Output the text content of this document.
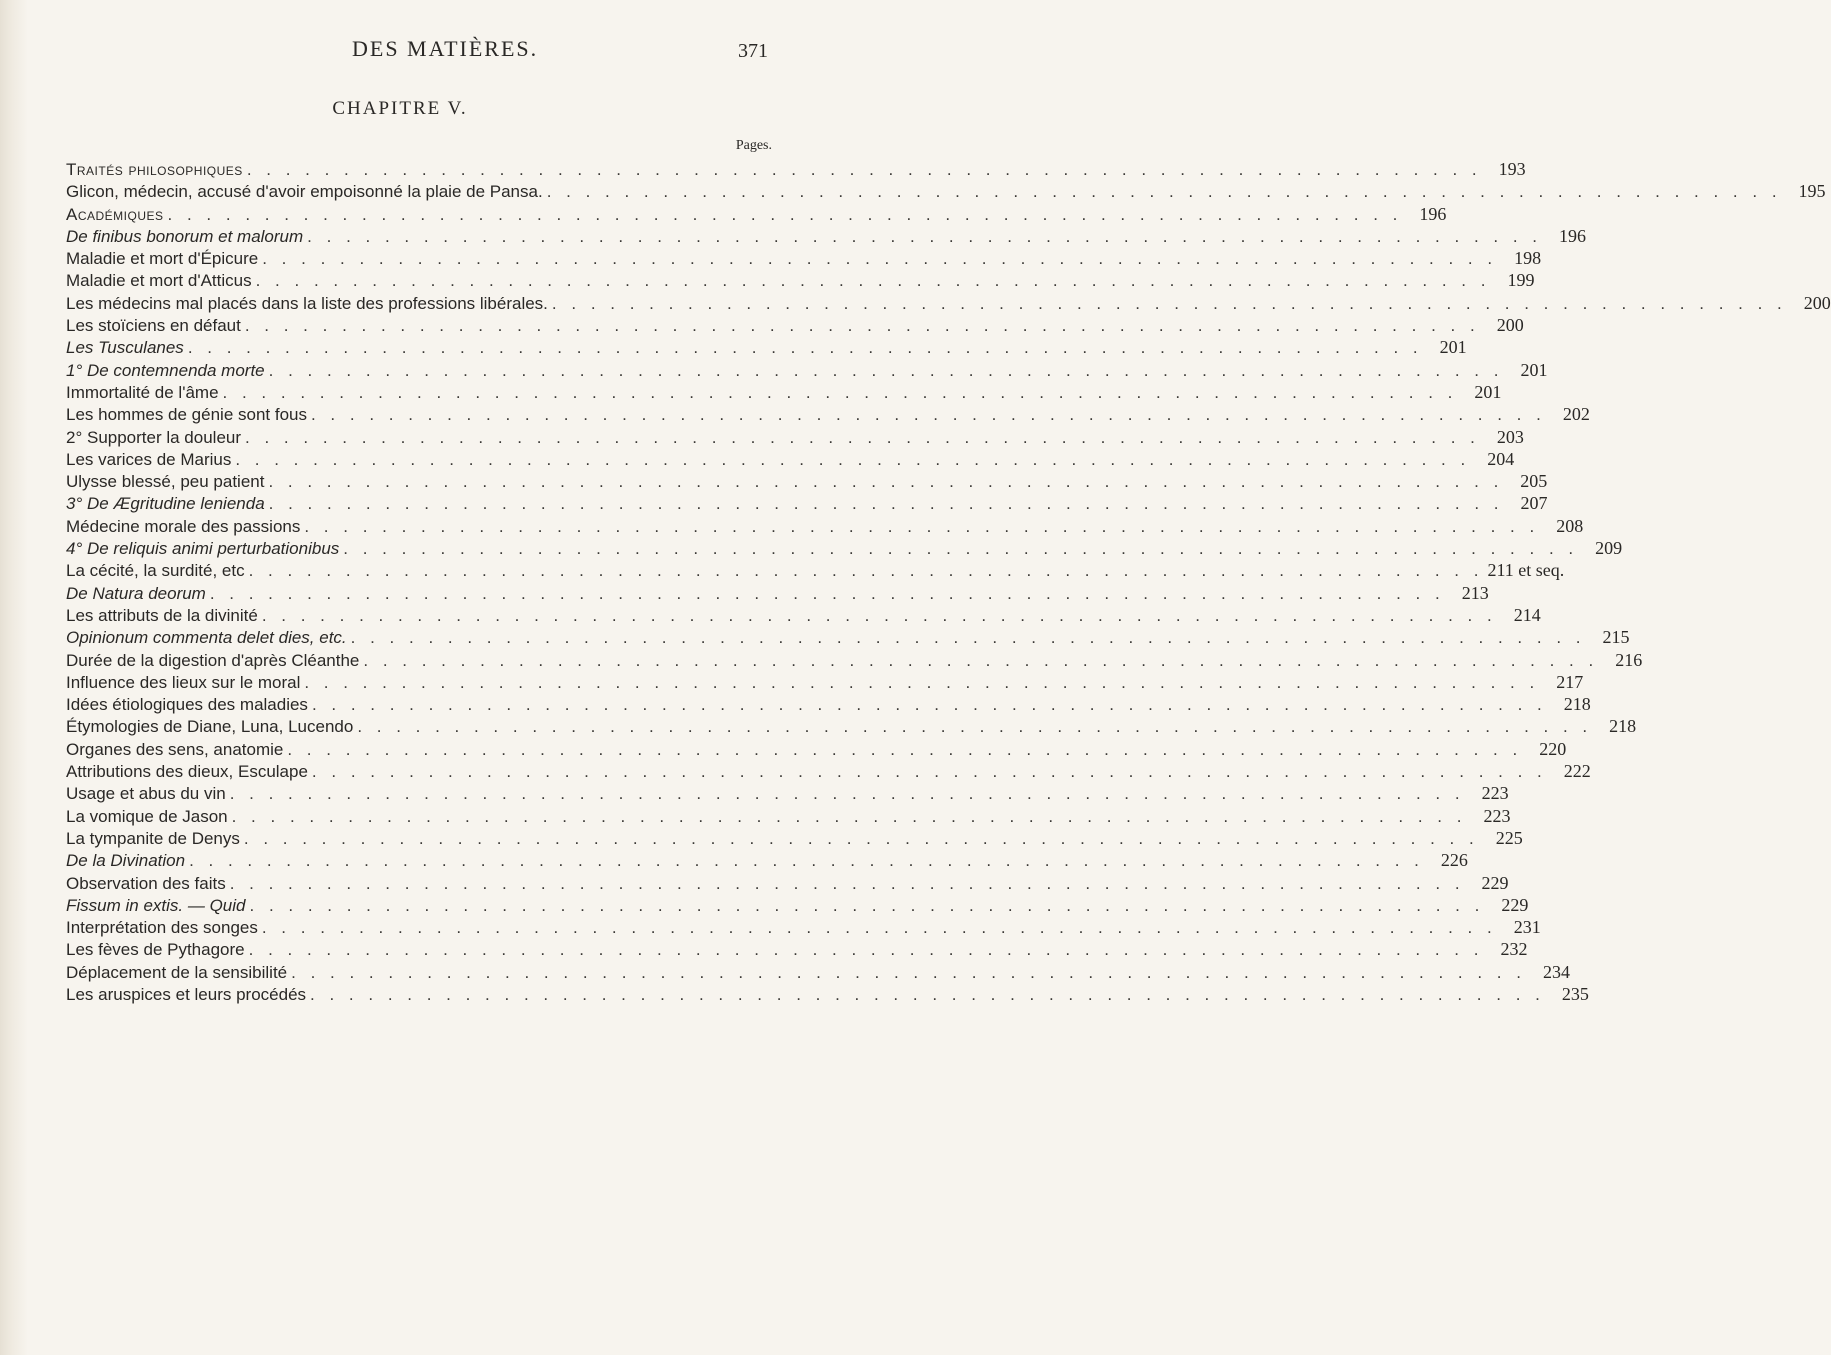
DES MATIÈRES.	371
CHAPITRE V.
Pages.
Traités philosophiques . . . . . . . . . . . . . . . . . . . . . . . . . . . . . . . . . . . . . . . . . . . . . . . . . . . . . . . . . . . . . . . . 193
Glicon, médecin, accusé d'avoir empoisonné la plaie de Pansa. . . . . . . . . . . . . . . . . . . . . . . . . . . . . . . . . . . . . . . . . . . . . . . . . . . . . . . . . . . . . . . . . 195
Académiques . . . . . . . . . . . . . . . . . . . . . . . . . . . . . . . . . . . . . . . . . . . . . . . . . . . . . . . . . . . . . . . . 196
De finibus bonorum et malorum . . . . . . . . . . . . . . . . . . . . . . . . . . . . . . . . . . . . . . . . . . . . . . . . . . . . . . . . . . . . . . . . 196
Maladie et mort d'Épicure . . . . . . . . . . . . . . . . . . . . . . . . . . . . . . . . . . . . . . . . . . . . . . . . . . . . . . . . . . . . . . . . 198
Maladie et mort d'Atticus . . . . . . . . . . . . . . . . . . . . . . . . . . . . . . . . . . . . . . . . . . . . . . . . . . . . . . . . . . . . . . . . 199
Les médecins mal placés dans la liste des professions libérales. . . . . . . . . . . . . . . . . . . . . . . . . . . . . . . . . . . . . . . . . . . . . . . . . . . . . . . . . . . . . . . . . 200
Les stoïciens en défaut . . . . . . . . . . . . . . . . . . . . . . . . . . . . . . . . . . . . . . . . . . . . . . . . . . . . . . . . . . . . . . . . 200
Les Tusculanes . . . . . . . . . . . . . . . . . . . . . . . . . . . . . . . . . . . . . . . . . . . . . . . . . . . . . . . . . . . . . . . . 201
1° De contemnenda morte . . . . . . . . . . . . . . . . . . . . . . . . . . . . . . . . . . . . . . . . . . . . . . . . . . . . . . . . . . . . . . . . 201
Immortalité de l'âme . . . . . . . . . . . . . . . . . . . . . . . . . . . . . . . . . . . . . . . . . . . . . . . . . . . . . . . . . . . . . . . . 201
Les hommes de génie sont fous . . . . . . . . . . . . . . . . . . . . . . . . . . . . . . . . . . . . . . . . . . . . . . . . . . . . . . . . . . . . . . . . 202
2° Supporter la douleur . . . . . . . . . . . . . . . . . . . . . . . . . . . . . . . . . . . . . . . . . . . . . . . . . . . . . . . . . . . . . . . . 203
Les varices de Marius . . . . . . . . . . . . . . . . . . . . . . . . . . . . . . . . . . . . . . . . . . . . . . . . . . . . . . . . . . . . . . . . 204
Ulysse blessé, peu patient . . . . . . . . . . . . . . . . . . . . . . . . . . . . . . . . . . . . . . . . . . . . . . . . . . . . . . . . . . . . . . . . 205
3° De Ægritudine lenienda . . . . . . . . . . . . . . . . . . . . . . . . . . . . . . . . . . . . . . . . . . . . . . . . . . . . . . . . . . . . . . . . 207
Médecine morale des passions . . . . . . . . . . . . . . . . . . . . . . . . . . . . . . . . . . . . . . . . . . . . . . . . . . . . . . . . . . . . . . . . 208
4° De reliquis animi perturbationibus . . . . . . . . . . . . . . . . . . . . . . . . . . . . . . . . . . . . . . . . . . . . . . . . . . . . . . . . . . . . . . . . 209
La cécité, la surdité, etc . . . . . . . . . . . . . . . . . . . . . . . . . . . . . . . . . . . . . . . . . . . . . . . . . . . . . . . . . . . . . . . . 211 et seq.
De Natura deorum . . . . . . . . . . . . . . . . . . . . . . . . . . . . . . . . . . . . . . . . . . . . . . . . . . . . . . . . . . . . . . . . 213
Les attributs de la divinité . . . . . . . . . . . . . . . . . . . . . . . . . . . . . . . . . . . . . . . . . . . . . . . . . . . . . . . . . . . . . . . . 214
Opinionum commenta delet dies, etc. . . . . . . . . . . . . . . . . . . . . . . . . . . . . . . . . . . . . . . . . . . . . . . . . . . . . . . . . . . . . . . . . 215
Durée de la digestion d'après Cléanthe . . . . . . . . . . . . . . . . . . . . . . . . . . . . . . . . . . . . . . . . . . . . . . . . . . . . . . . . . . . . . . . . 216
Influence des lieux sur le moral . . . . . . . . . . . . . . . . . . . . . . . . . . . . . . . . . . . . . . . . . . . . . . . . . . . . . . . . . . . . . . . . 217
Idées étiologiques des maladies . . . . . . . . . . . . . . . . . . . . . . . . . . . . . . . . . . . . . . . . . . . . . . . . . . . . . . . . . . . . . . . . 218
Étymologies de Diane, Luna, Lucendo . . . . . . . . . . . . . . . . . . . . . . . . . . . . . . . . . . . . . . . . . . . . . . . . . . . . . . . . . . . . . . . . 218
Organes des sens, anatomie . . . . . . . . . . . . . . . . . . . . . . . . . . . . . . . . . . . . . . . . . . . . . . . . . . . . . . . . . . . . . . . . 220
Attributions des dieux, Esculape . . . . . . . . . . . . . . . . . . . . . . . . . . . . . . . . . . . . . . . . . . . . . . . . . . . . . . . . . . . . . . . . 222
Usage et abus du vin . . . . . . . . . . . . . . . . . . . . . . . . . . . . . . . . . . . . . . . . . . . . . . . . . . . . . . . . . . . . . . . . 223
La vomique de Jason . . . . . . . . . . . . . . . . . . . . . . . . . . . . . . . . . . . . . . . . . . . . . . . . . . . . . . . . . . . . . . . . 223
La tympanite de Denys . . . . . . . . . . . . . . . . . . . . . . . . . . . . . . . . . . . . . . . . . . . . . . . . . . . . . . . . . . . . . . . . 225
De la Divination . . . . . . . . . . . . . . . . . . . . . . . . . . . . . . . . . . . . . . . . . . . . . . . . . . . . . . . . . . . . . . . . 226
Observation des faits . . . . . . . . . . . . . . . . . . . . . . . . . . . . . . . . . . . . . . . . . . . . . . . . . . . . . . . . . . . . . . . . 229
Fissum in extis. — Quid . . . . . . . . . . . . . . . . . . . . . . . . . . . . . . . . . . . . . . . . . . . . . . . . . . . . . . . . . . . . . . . . 229
Interprétation des songes . . . . . . . . . . . . . . . . . . . . . . . . . . . . . . . . . . . . . . . . . . . . . . . . . . . . . . . . . . . . . . . . 231
Les fèves de Pythagore . . . . . . . . . . . . . . . . . . . . . . . . . . . . . . . . . . . . . . . . . . . . . . . . . . . . . . . . . . . . . . . . 232
Déplacement de la sensibilité . . . . . . . . . . . . . . . . . . . . . . . . . . . . . . . . . . . . . . . . . . . . . . . . . . . . . . . . . . . . . . . . 234
Les aruspices et leurs procédés . . . . . . . . . . . . . . . . . . . . . . . . . . . . . . . . . . . . . . . . . . . . . . . . . . . . . . . . . . . . . . . . 235
